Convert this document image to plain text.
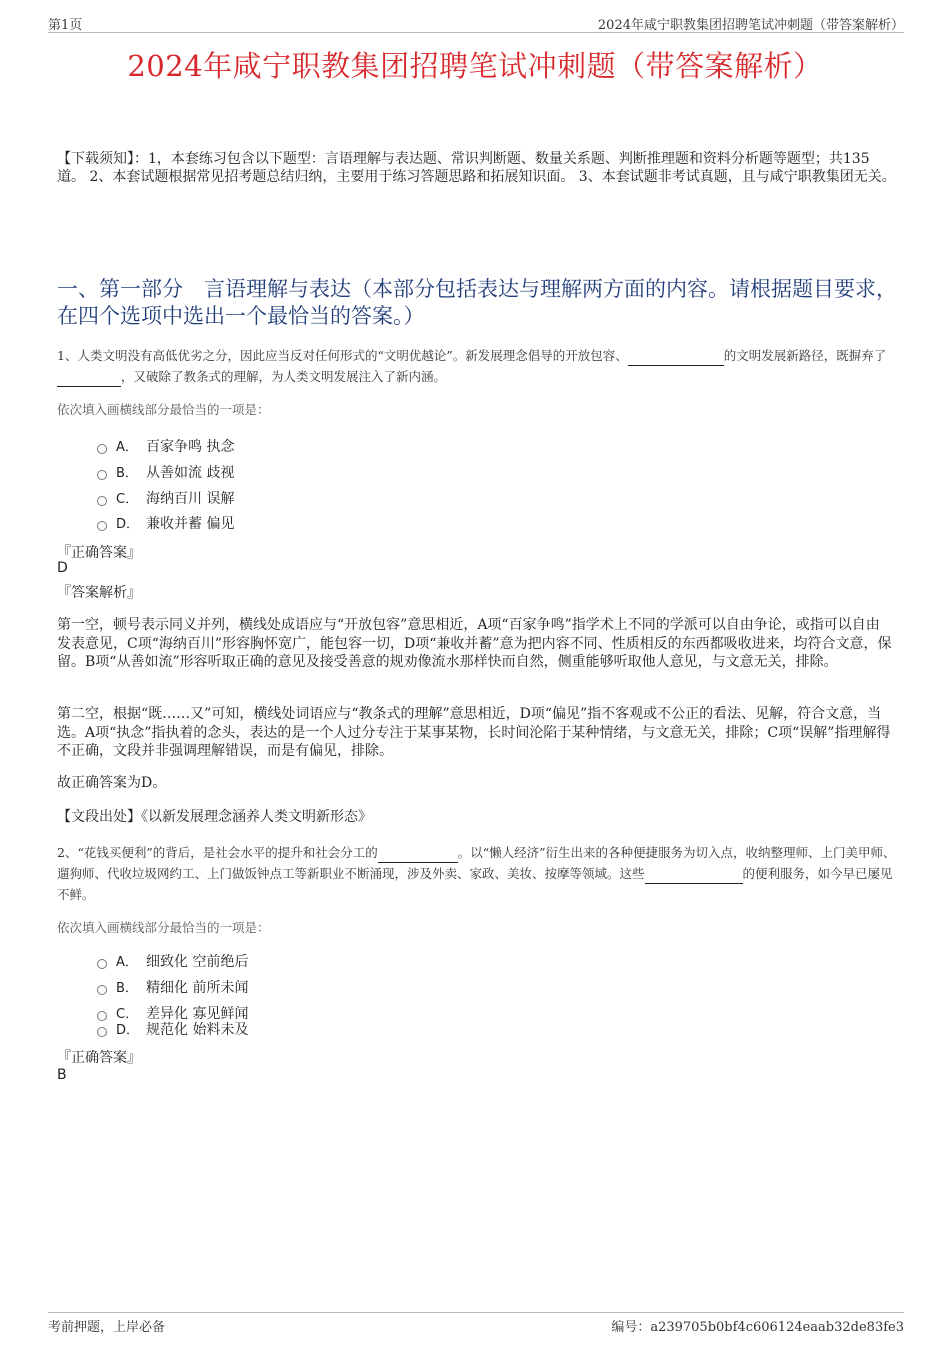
第1页	2024年咸宁职教集团招聘笔试冲刺题（带答案解析）
2024年咸宁职教集团招聘笔试冲刺题（带答案解析）
【下载须知】：1，本套练习包含以下题型：言语理解与表达题、常识判断题、数量关系题、判断推理题和资料分析题等题型；共135道。 2、本套试题根据常见招考题总结归纳，主要用于练习答题思路和拓展知识面。 3、本套试题非考试真题，且与咸宁职教集团无关。
一、第一部分　言语理解与表达（本部分包括表达与理解两方面的内容。请根据题目要求，在四个选项中选出一个最恰当的答案。）
1、人类文明没有高低优劣之分，因此应当反对任何形式的“文明优越论”。新发展理念倡导的开放包容、	的文明发展新路径，既摒弃了，又破除了教条式的理解，为人类文明发展注入了新内涵。
依次填入画横线部分最恰当的一项是：
A． 百家争鸣 执念
B． 从善如流 歧视
C． 海纳百川 误解
D． 兼收并蓄 偏见
『正确答案』
D
『答案解析』
第一空，顿号表示同义并列，横线处成语应与“开放包容”意思相近，A项“百家争鸣”指学术上不同的学派可以自由争论，或指可以自由发表意见，C项“海纳百川”形容胸怀宽广，能包容一切，D项“兼收并蓄”意为把内容不同、性质相反的东西都吸收进来，均符合文意，保留。B项“从善如流”形容听取正确的意见及接受善意的规劝像流水那样快而自然，侧重能够听取他人意见，与文意无关，排除。
第二空，根据“既……又”可知，横线处词语应与“教条式的理解”意思相近，D项“偏见”指不客观或不公正的看法、见解，符合文意，当选。A项“执念”指执着的念头，表达的是一个人过分专注于某事某物，长时间沦陷于某种情绪，与文意无关，排除；C项“误解”指理解得不正确，文段并非强调理解错误，而是有偏见，排除。
故正确答案为D。
【文段出处】《以新发展理念涵养人类文明新形态》
2、“花钱买便利”的背后，是社会水平的提升和社会分工的	。以“懒人经济”衍生出来的各种便捷服务为切入点，收纳整理师、上门美甲师、遛狗师、代收垃圾网约工、上门做饭钟点工等新职业不断涌现，涉及外卖、家政、美妆、按摩等领域。这些	的便利服务，如今早已屡见不鲜。
依次填入画横线部分最恰当的一项是：
A． 细致化 空前绝后
B． 精细化 前所未闻
C． 差异化 寡见鲜闻
D． 规范化 始料未及
『正确答案』
B
考前押题，上岸必备	编号：a239705b0bf4c606124eaab32de83fe3
